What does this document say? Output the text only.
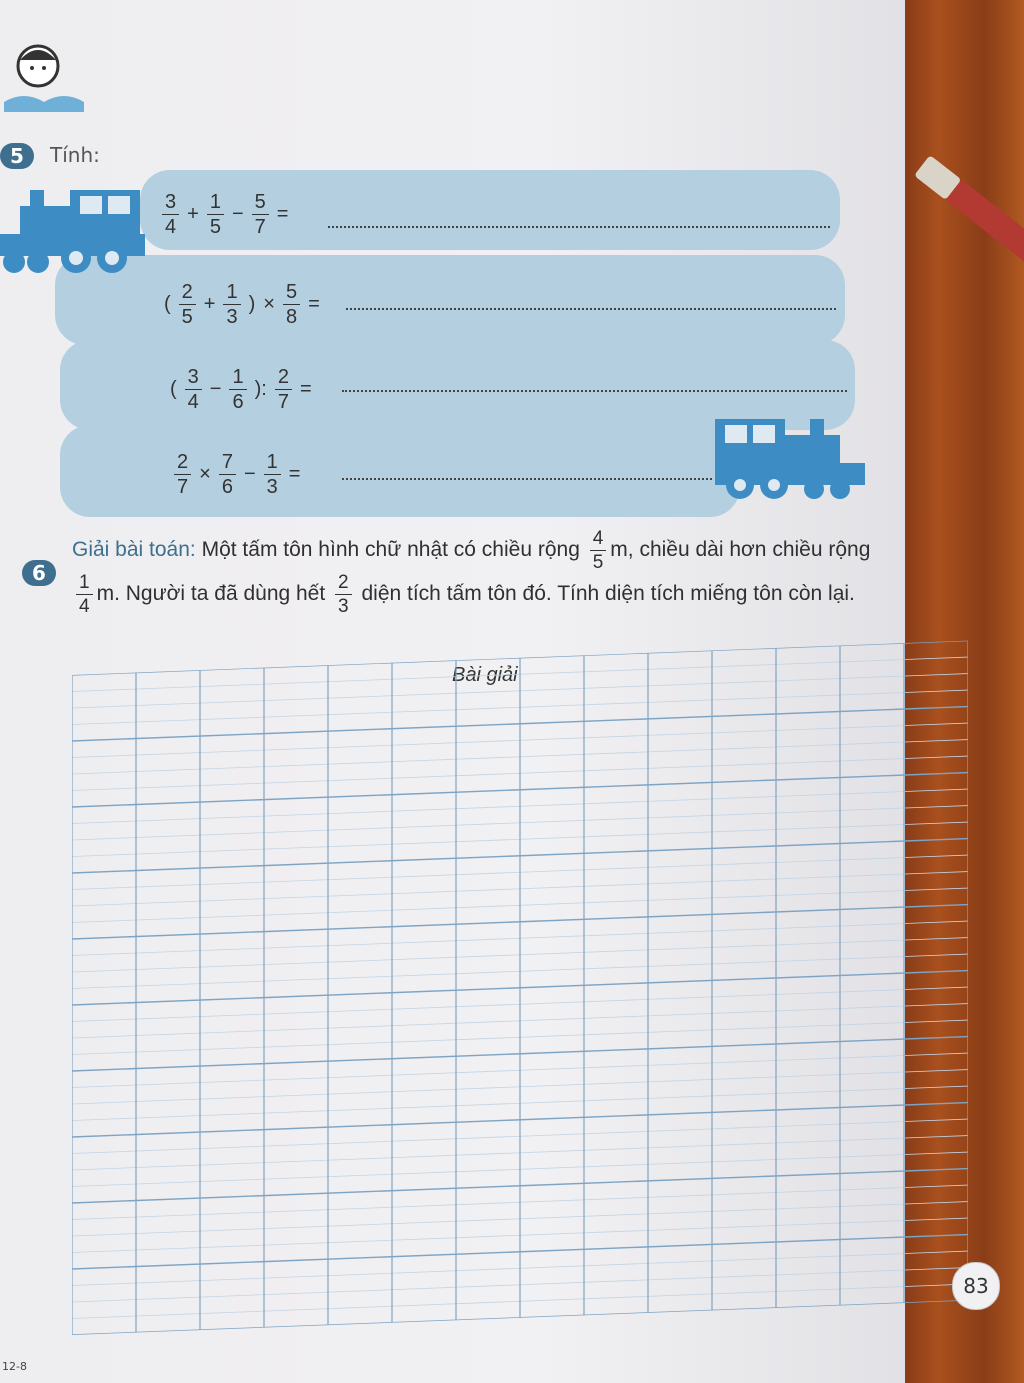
5	Tính:
$\frac{3}{4} + \frac{1}{5} - \frac{5}{7}$ =
( $\frac{2}{5} + \frac{1}{3}$ ) × $\frac{5}{8}$ =
( $\frac{3}{4} - \frac{1}{6}$ ): $\frac{2}{7}$ =
$\frac{2}{7} \times \frac{7}{6} - \frac{1}{3}$ =
6
Giải bài toán: Một tấm tôn hình chữ nhật có chiều rộng $\frac{4}{5} m$, chiều dài hơn chiều rộng
$\frac{1}{4} m$. Người ta đã dùng hết $\frac{2}{3}$ diện tích tấm tôn đó. Tính diện tích miếng tôn còn lại.
Bài giải
83
12-8
